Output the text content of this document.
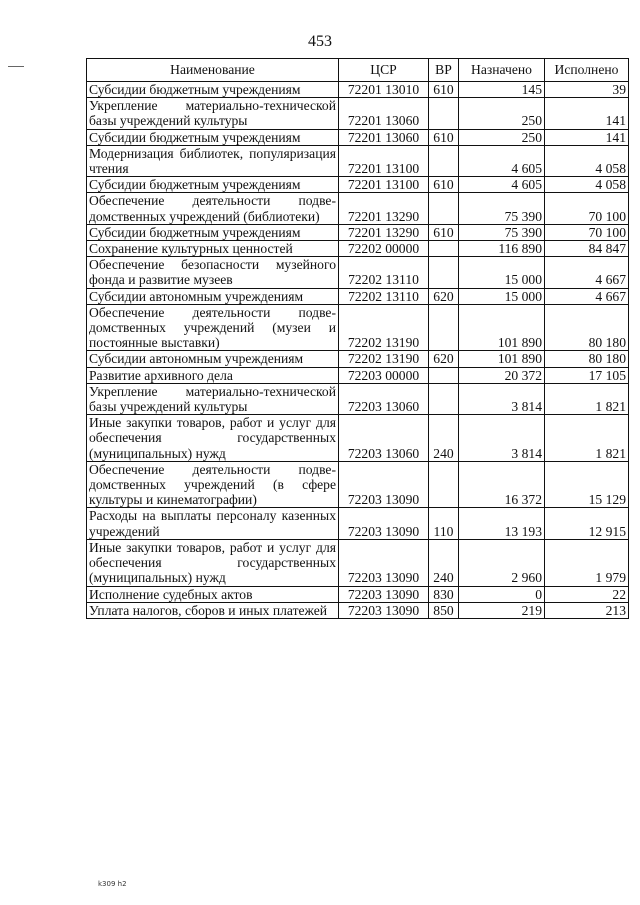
453
Наименование	ЦСР	ВР	Назначено	Исполнено
Субсидии бюджетным учреждениям	72201 13010	610	145	39
Укрепление материально-технической базы учреждений культуры	72201 13060		250	141
Субсидии бюджетным учреждениям	72201 13060	610	250	141
Модернизация библиотек, популяризация чтения	72201 13100		4 605	4 058
Субсидии бюджетным учреждениям	72201 13100	610	4 605	4 058
Обеспечение деятельности подведомственных учреждений (библиотеки)	72201 13290		75 390	70 100
Субсидии бюджетным учреждениям	72201 13290	610	75 390	70 100
Сохранение культурных ценностей	72202 00000		116 890	84 847
Обеспечение безопасности музейного фонда и развитие музеев	72202 13110		15 000	4 667
Субсидии автономным учреждениям	72202 13110	620	15 000	4 667
Обеспечение деятельности подведомственных учреждений (музеи и постоянные выставки)	72202 13190		101 890	80 180
Субсидии автономным учреждениям	72202 13190	620	101 890	80 180
Развитие архивного дела	72203 00000		20 372	17 105
Укрепление материально-технической базы учреждений культуры	72203 13060		3 814	1 821
Иные закупки товаров, работ и услуг для обеспечения государственных (муниципальных) нужд	72203 13060	240	3 814	1 821
Обеспечение деятельности подведомственных учреждений (в сфере культуры и кинематографии)	72203 13090		16 372	15 129
Расходы на выплаты персоналу казенных учреждений	72203 13090	110	13 193	12 915
Иные закупки товаров, работ и услуг для обеспечения государственных (муниципальных) нужд	72203 13090	240	2 960	1 979
Исполнение судебных актов	72203 13090	830	0	22
Уплата налогов, сборов и иных платежей	72203 13090	850	219	213
k309 h2
